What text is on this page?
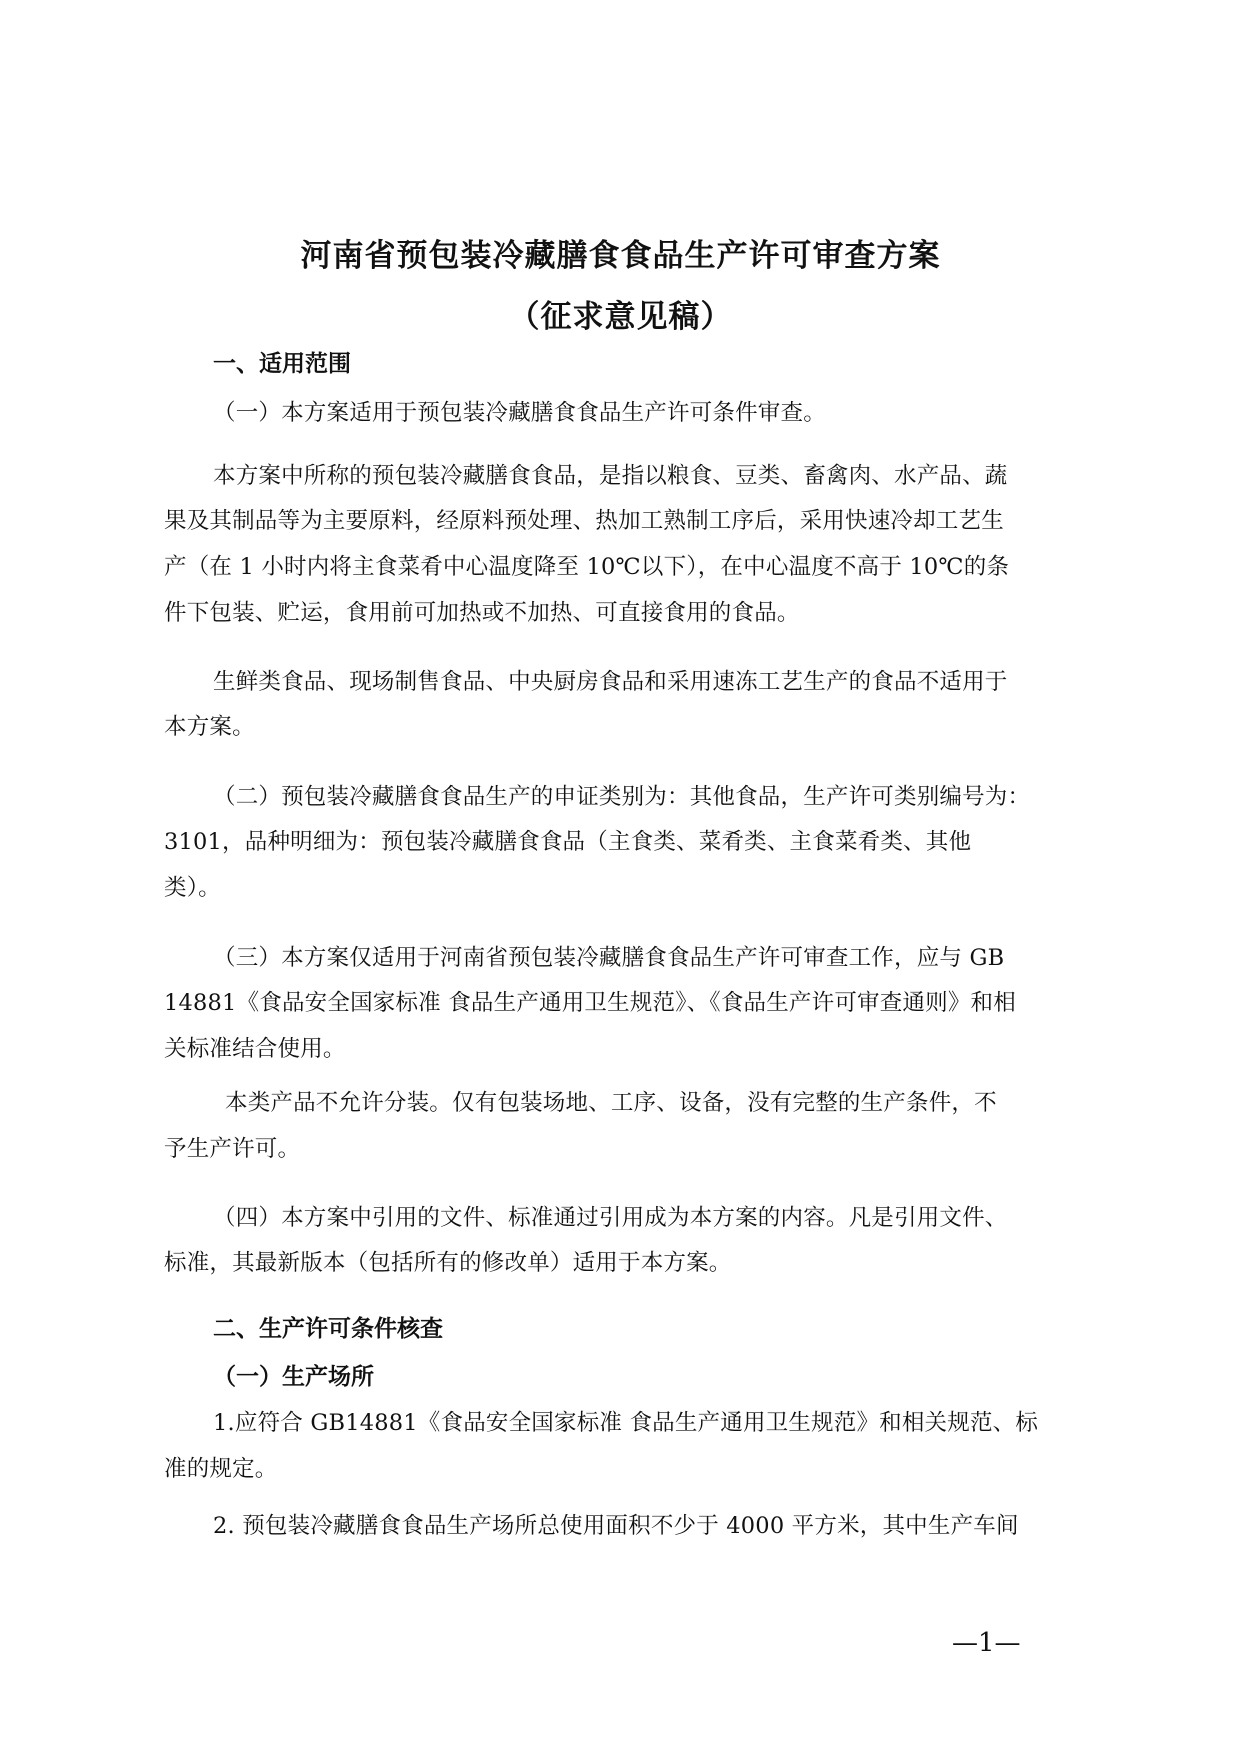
河南省预包装冷藏膳食食品生产许可审查方案
（征求意见稿）
一、适用范围
（一）本方案适用于预包装冷藏膳食食品生产许可条件审查。
本方案中所称的预包装冷藏膳食食品，是指以粮食、豆类、畜禽肉、水产品、蔬
果及其制品等为主要原料，经原料预处理、热加工熟制工序后，采用快速冷却工艺生
产（在 1 小时内将主食菜肴中心温度降至 10℃以下），在中心温度不高于 10℃的条
件下包装、贮运，食用前可加热或不加热、可直接食用的食品。
生鲜类食品、现场制售食品、中央厨房食品和采用速冻工艺生产的食品不适用于
本方案。
（二）预包装冷藏膳食食品生产的申证类别为：其他食品，生产许可类别编号为：
3101，品种明细为：预包装冷藏膳食食品（主食类、菜肴类、主食菜肴类、其他
类）。
（三）本方案仅适用于河南省预包装冷藏膳食食品生产许可审查工作，应与 GB
14881《食品安全国家标准 食品生产通用卫生规范》、《食品生产许可审查通则》和相
关标准结合使用。
本类产品不允许分装。仅有包装场地、工序、设备，没有完整的生产条件，不
予生产许可。
（四）本方案中引用的文件、标准通过引用成为本方案的内容。凡是引用文件、
标准，其最新版本（包括所有的修改单）适用于本方案。
二、生产许可条件核查
（一）生产场所
1.应符合 GB14881《食品安全国家标准 食品生产通用卫生规范》和相关规范、标
准的规定。
2. 预包装冷藏膳食食品生产场所总使用面积不少于 4000 平方米，其中生产车间
—1—
